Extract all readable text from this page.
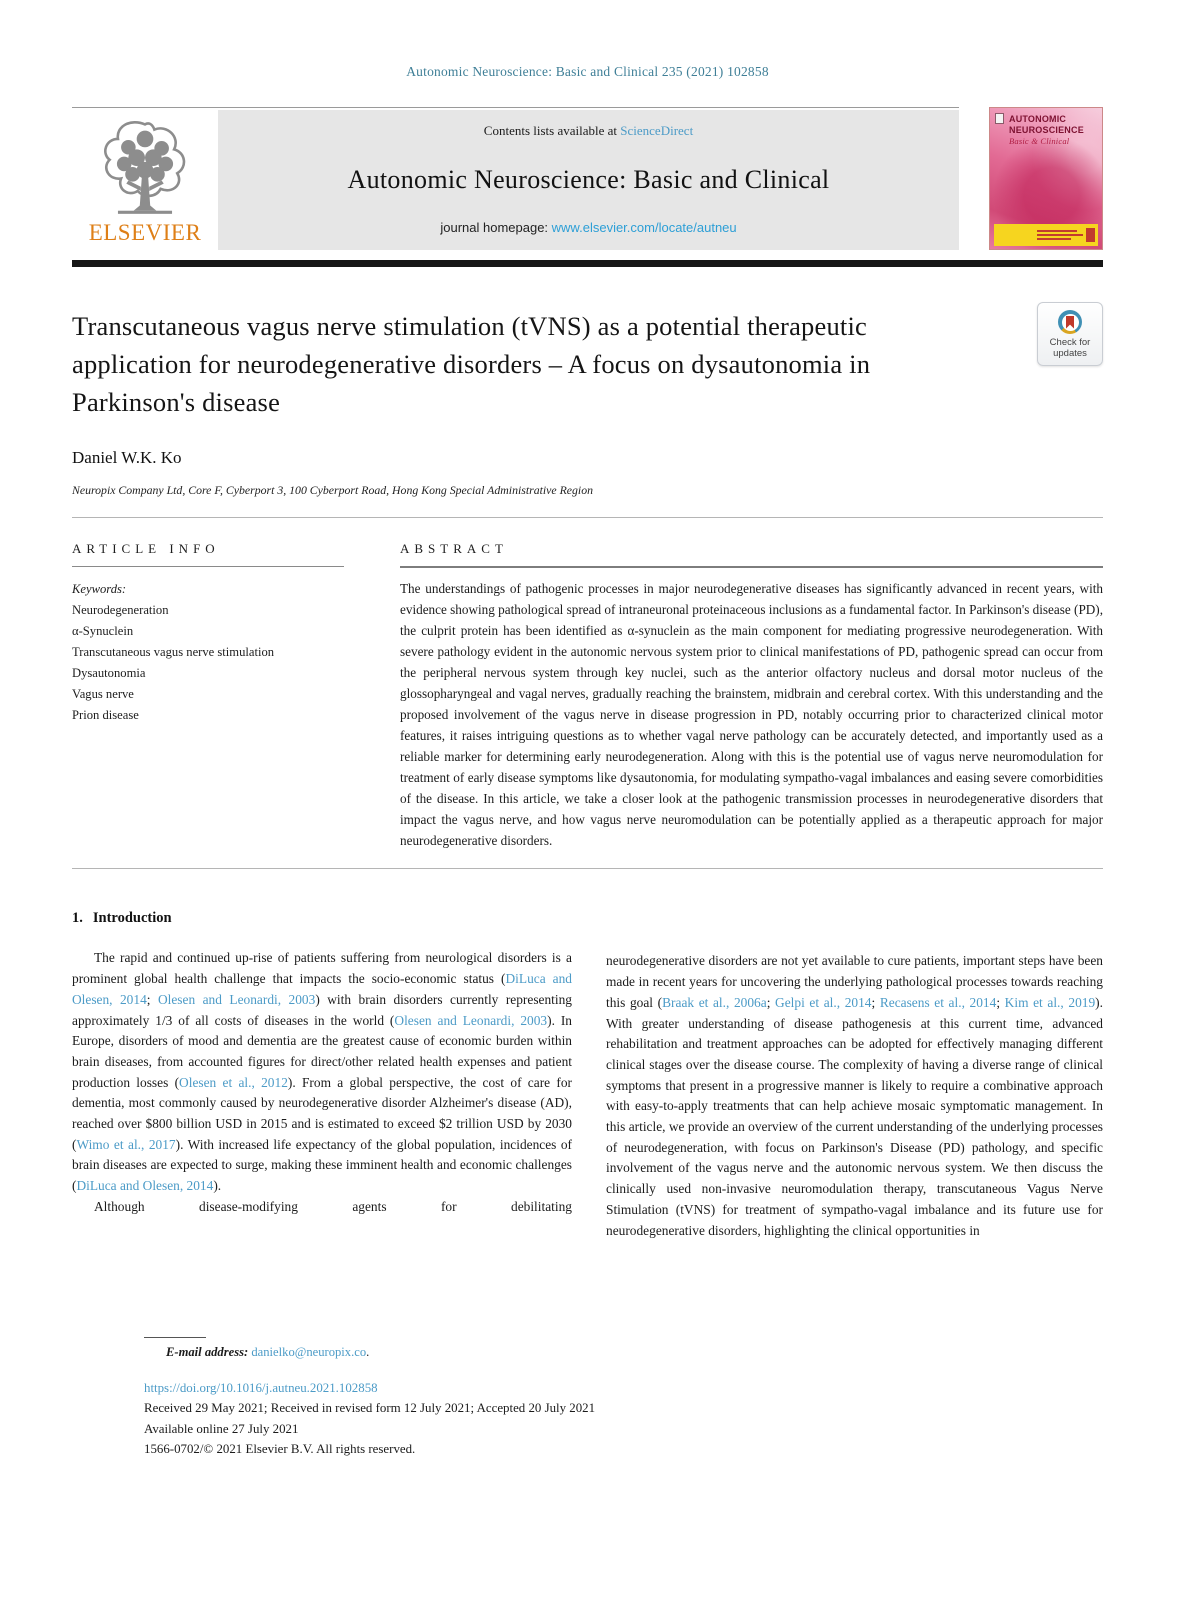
Autonomic Neuroscience: Basic and Clinical 235 (2021) 102858
ELSEVIER
Contents lists available at ScienceDirect
Autonomic Neuroscience: Basic and Clinical
journal homepage: www.elsevier.com/locate/autneu
AUTONOMIC
NEUROSCIENCE
Basic & Clinical
Transcutaneous vagus nerve stimulation (tVNS) as a potential therapeutic application for neurodegenerative disorders – A focus on dysautonomia in Parkinson's disease
Check for
updates
Daniel W.K. Ko
Neuropix Company Ltd, Core F, Cyberport 3, 100 Cyberport Road, Hong Kong Special Administrative Region
ARTICLE INFO
Keywords:
Neurodegeneration
α-Synuclein
Transcutaneous vagus nerve stimulation
Dysautonomia
Vagus nerve
Prion disease
ABSTRACT

The understandings of pathogenic processes in major neurodegenerative diseases has significantly advanced in recent years, with evidence showing pathological spread of intraneuronal proteinaceous inclusions as a fundamental factor. In Parkinson's disease (PD), the culprit protein has been identified as α-synuclein as the main component for mediating progressive neurodegeneration. With severe pathology evident in the autonomic nervous system prior to clinical manifestations of PD, pathogenic spread can occur from the peripheral nervous system through key nuclei, such as the anterior olfactory nucleus and dorsal motor nucleus of the glossopharyngeal and vagal nerves, gradually reaching the brainstem, midbrain and cerebral cortex. With this understanding and the proposed involvement of the vagus nerve in disease progression in PD, notably occurring prior to characterized clinical motor features, it raises intriguing questions as to whether vagal nerve pathology can be accurately detected, and importantly used as a reliable marker for determining early neurodegeneration. Along with this is the potential use of vagus nerve neuromodulation for treatment of early disease symptoms like dysautonomia, for modulating sympatho-vagal imbalances and easing severe comorbidities of the disease. In this article, we take a closer look at the pathogenic transmission processes in neurodegenerative disorders that impact the vagus nerve, and how vagus nerve neuromodulation can be potentially applied as a therapeutic approach for major neurodegenerative disorders.

1. Introduction

The rapid and continued up-rise of patients suffering from neurological disorders is a prominent global health challenge that impacts the socio-economic status (DiLuca and Olesen, 2014; Olesen and Leonardi, 2003) with brain disorders currently representing approximately 1/3 of all costs of diseases in the world (Olesen and Leonardi, 2003). In Europe, disorders of mood and dementia are the greatest cause of economic burden within brain diseases, from accounted figures for direct/other related health expenses and patient production losses (Olesen et al., 2012). From a global perspective, the cost of care for dementia, most commonly caused by neurodegenerative disorder Alzheimer's disease (AD), reached over $800 billion USD in 2015 and is estimated to exceed $2 trillion USD by 2030 (Wimo et al., 2017). With increased life expectancy of the global population, incidences of brain diseases are expected to surge, making these imminent health and economic challenges (DiLuca and Olesen, 2014).

Although disease-modifying agents for debilitating

neurodegenerative disorders are not yet available to cure patients, important steps have been made in recent years for uncovering the underlying pathological processes towards reaching this goal (Braak et al., 2006a; Gelpi et al., 2014; Recasens et al., 2014; Kim et al., 2019). With greater understanding of disease pathogenesis at this current time, advanced rehabilitation and treatment approaches can be adopted for effectively managing different clinical stages over the disease course. The complexity of having a diverse range of clinical symptoms that present in a progressive manner is likely to require a combinative approach with easy-to-apply treatments that can help achieve mosaic symptomatic management. In this article, we provide an overview of the current understanding of the underlying processes of neurodegeneration, with focus on Parkinson's Disease (PD) pathology, and specific involvement of the vagus nerve and the autonomic nervous system. We then discuss the clinically used non-invasive neuromodulation therapy, transcutaneous Vagus Nerve Stimulation (tVNS) for treatment of sympatho-vagal imbalance and its future use for neurodegenerative disorders, highlighting the clinical opportunities in

E-mail address: danielko@neuropix.co.

https://doi.org/10.1016/j.autneu.2021.102858
Received 29 May 2021; Received in revised form 12 July 2021; Accepted 20 July 2021
Available online 27 July 2021
1566-0702/© 2021 Elsevier B.V. All rights reserved.
